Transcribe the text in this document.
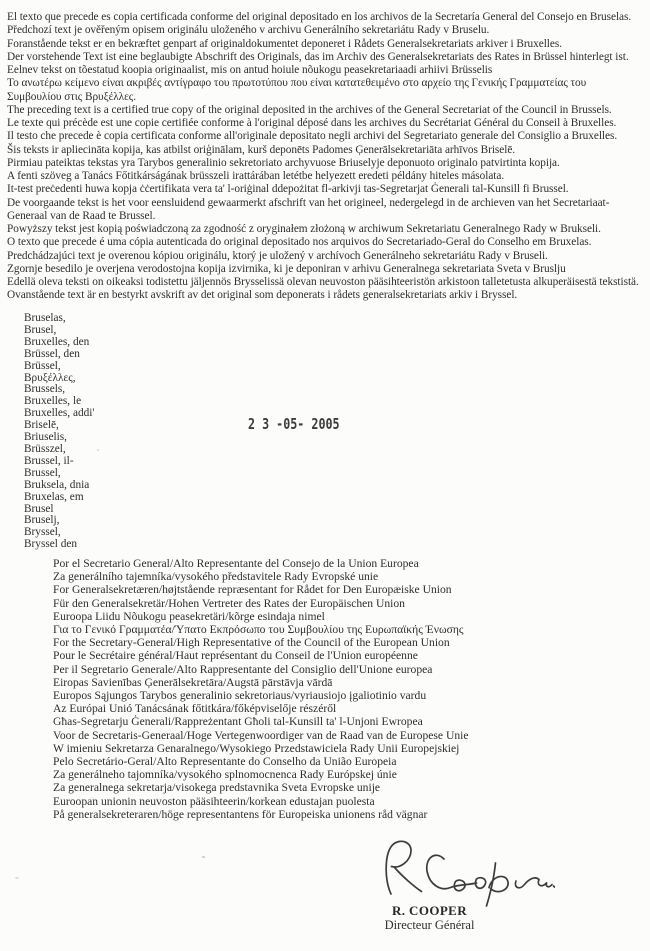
El texto que precede es copia certificada conforme del original depositado en los archivos de la Secretaría General del Consejo en Bruselas.
Předchozí text je ověřeným opisem originálu uloženého v archivu Generálního sekretariátu Rady v Bruselu.
Foranstående tekst er en bekræftet genpart af originaldokumentet deponeret i Rådets Generalsekretariats arkiver i Bruxelles.
Der vorstehende Text ist eine beglaubigte Abschrift des Originals, das im Archiv des Generalsekretariats des Rates in Brüssel hinterlegt ist.
Eelnev tekst on tõestatud koopia originaalist, mis on antud hoiule nõukogu peasekretariaadi arhiivi Brüsselis
Το ανωτέρω κείμενο είναι ακριβές αντίγραφο του πρωτοτύπου που είναι κατατεθειμένο στο αρχείο της Γενικής Γραμματείας του
Συμβουλίου στις Βρυξέλλες.
The preceding text is a certified true copy of the original deposited in the archives of the General Secretariat of the Council in Brussels.
Le texte qui précède est une copie certifiée conforme à l'original déposé dans les archives du Secrétariat Général du Conseil à Bruxelles.
Il testo che precede è copia certificata conforme all'originale depositato negli archivi del Segretariato generale del Consiglio a Bruxelles.
Šis teksts ir apliecināta kopija, kas atbilst oriģinālam, kurš deponēts Padomes Ģenerālsekretariāta arhīvos Briselē.
Pirmiau pateiktas tekstas yra Tarybos generalinio sekretoriato archyvuose Briuselyje deponuoto originalo patvirtinta kopija.
A fenti szöveg a Tanács Főtitkárságának brüsszeli irattárában letétbe helyezett eredeti példány hiteles másolata.
It-test preċedenti huwa kopja ċċertifikata vera ta' l-oriġinal ddepożitat fl-arkivji tas-Segretarjat Ġenerali tal-Kunsill fi Brussel.
De voorgaande tekst is het voor eensluidend gewaarmerkt afschrift van het origineel, nedergelegd in de archieven van het Secretariaat-
Generaal van de Raad te Brussel.
Powyższy tekst jest kopią poświadczoną za zgodność z oryginałem złożoną w archiwum Sekretariatu Generalnego Rady w Brukseli.
O texto que precede é uma cópia autenticada do original depositado nos arquivos do Secretariado-Geral do Conselho em Bruxelas.
Predchádzajúci text je overenou kópiou originálu, ktorý je uložený v archívoch Generálneho sekretariátu Rady v Bruseli.
Zgornje besedilo je overjena verodostojna kopija izvirnika, ki je deponiran v arhivu Generalnega sekretariata Sveta v Bruslju
Edellä oleva teksti on oikeaksi todistettu jäljennös Brysselissä olevan neuvoston pääsihteeristön arkistoon talletetusta alkuperäisestä tekstistä.
Ovanstående text är en bestyrkt avskrift av det original som deponerats i rådets generalsekretariats arkiv i Bryssel.
Bruselas,
Brusel,
Bruxelles, den
Brüssel, den
Brüssel,
Βρυξέλλες,
Brussels,
Bruxelles, le
Bruxelles, addi'
Briselē,
Briuselis,
Brüsszel,
Brussel, il-
Brussel,
Bruksela, dnia
Bruxelas, em
Brusel
Bruselj,
Bryssel,
Bryssel den
2 3 -05- 2005
Por el Secretario General/Alto Representante del Consejo de la Union Europea
Za generálního tajemníka/vysokého představitele Rady Evropské unie
For Generalsekretæren/højtstående repræsentant for Rådet for Den Europæiske Union
Für den Generalsekretär/Hohen Vertreter des Rates der Europäischen Union
Euroopa Liidu Nõukogu peasekretäri/kõrge esindaja nimel
Για το Γενικό Γραμματέα/Ύπατο Εκπρόσωπο του Συμβουλίου της Ευρωπαϊκής Ένωσης
For the Secretary-General/High Representative of the Council of the European Union
Pour le Secrétaire général/Haut représentant du Conseil de l'Union européenne
Per il Segretario Generale/Alto Rappresentante del Consiglio dell'Unione europea
Eiropas Savienības Ģenerālsekretāra/Augstā pārstāvja vārdā
Europos Sąjungos Tarybos generalinio sekretoriaus/vyriausiojo įgaliotinio vardu
Az Európai Unió Tanácsának főtitkára/főképviselője részéről
Għas-Segretarju Ġenerali/Rappreżentant Għoli tal-Kunsill ta' l-Unjoni Ewropea
Voor de Secretaris-Generaal/Hoge Vertegenwoordiger van de Raad van de Europese Unie
W imieniu Sekretarza Genaralnego/Wysokiego Przedstawiciela Rady Unii Europejskiej
Pelo Secretário-Geral/Alto Representante do Conselho da União Europeia
Za generálneho tajomníka/vysokého splnomocnenca Rady Európskej únie
Za generalnega sekretarja/visokega predstavnika Sveta Evropske unije
Euroopan unionin neuvoston pääsihteerin/korkean edustajan puolesta
På generalsekreteraren/höge representantens för Europeiska unionens råd vägnar
R. COOPER
Directeur Général
